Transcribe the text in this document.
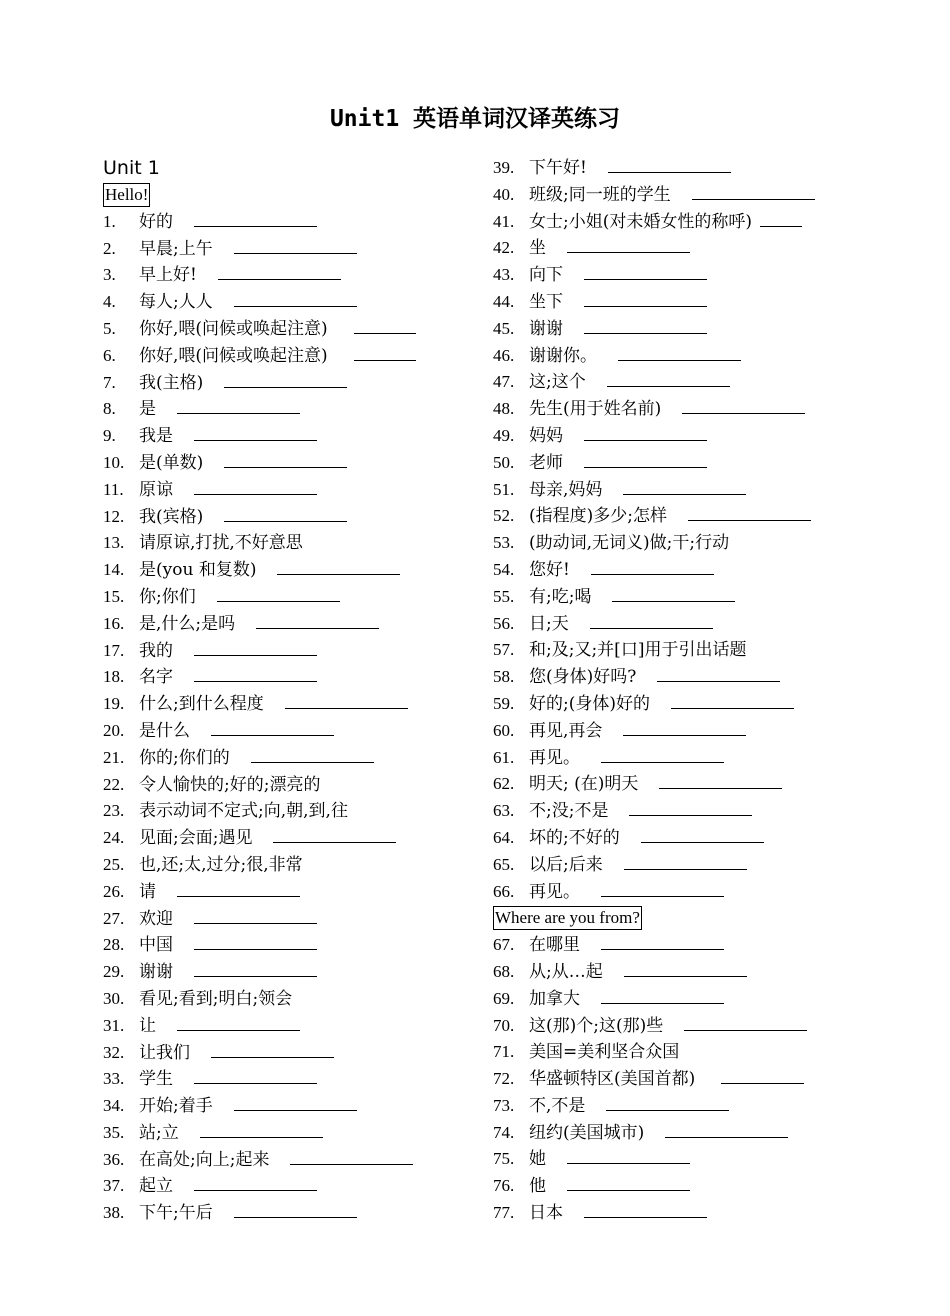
Unit1 英语单词汉译英练习
Unit 1
Hello!
1.	好的
2.	早晨;上午
3.	早上好!
4.	每人;人人
5.	你好,喂(问候或唤起注意)
6.	你好,喂(问候或唤起注意)
7.	我(主格)
8.	是
9.	我是
10. 是(单数)
11. 原谅
12. 我(宾格)
13. 请原谅,打扰,不好意思
14. 是(you 和复数)
15. 你;你们
16. 是,什么;是吗
17. 我的
18. 名字
19. 什么;到什么程度
20. 是什么
21. 你的;你们的
22. 令人愉快的;好的;漂亮的
23. 表示动词不定式;向,朝,到,往
24. 见面;会面;遇见
25. 也,还;太,过分;很,非常
26. 请
27. 欢迎
28. 中国
29. 谢谢
30. 看见;看到;明白;领会
31. 让
32. 让我们
33. 学生
34. 开始;着手
35. 站;立
36. 在高处;向上;起来
37. 起立
38. 下午;午后
39. 下午好!
40. 班级;同一班的学生
41. 女士;小姐(对未婚女性的称呼)
42. 坐
43. 向下
44. 坐下
45. 谢谢
46. 谢谢你。
47. 这;这个
48. 先生(用于姓名前)
49. 妈妈
50. 老师
51. 母亲,妈妈
52. (指程度)多少;怎样
53. (助动词,无词义)做;干;行动
54. 您好!
55. 有;吃;喝
56. 日;天
57. 和;及;又;并[口]用于引出话题
58. 您(身体)好吗?
59. 好的;(身体)好的
60. 再见,再会
61. 再见。
62. 明天; (在)明天
63. 不;没;不是
64. 坏的;不好的
65. 以后;后来
66. 再见。
Where are you from?
67. 在哪里
68. 从;从…起
69. 加拿大
70. 这(那)个;这(那)些
71. 美国=美利坚合众国
72. 华盛顿特区(美国首都)
73. 不,不是
74. 纽约(美国城市)
75. 她
76. 他
77. 日本
